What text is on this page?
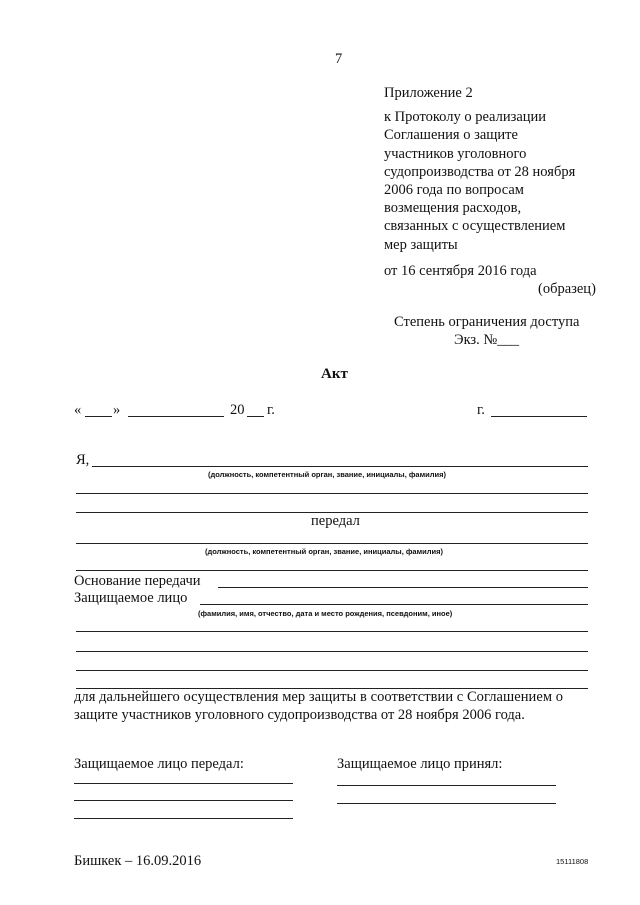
7
Приложение 2
к Протоколу о реализации
Соглашения о защите
участников уголовного
судопроизводства от 28 ноября
2006 года по вопросам
возмещения расходов,
связанных с осуществлением
мер защиты
от 16 сентября 2016 года
(образец)
Степень ограничения доступа
Экз. №___
Акт
« »	20 г.	г.
Я,
(должность, компетентный орган, звание, инициалы, фамилия)
передал
(должность, компетентный орган, звание, инициалы, фамилия)
Основание передачи
Защищаемое лицо
(фамилия, имя, отчество, дата и место рождения, псевдоним, иное)
для дальнейшего осуществления мер защиты в соответствии с Соглашением о
защите участников уголовного судопроизводства от 28 ноября 2006 года.
Защищаемое лицо передал:	Защищаемое лицо принял:
Бишкек – 16.09.2016	15111808
